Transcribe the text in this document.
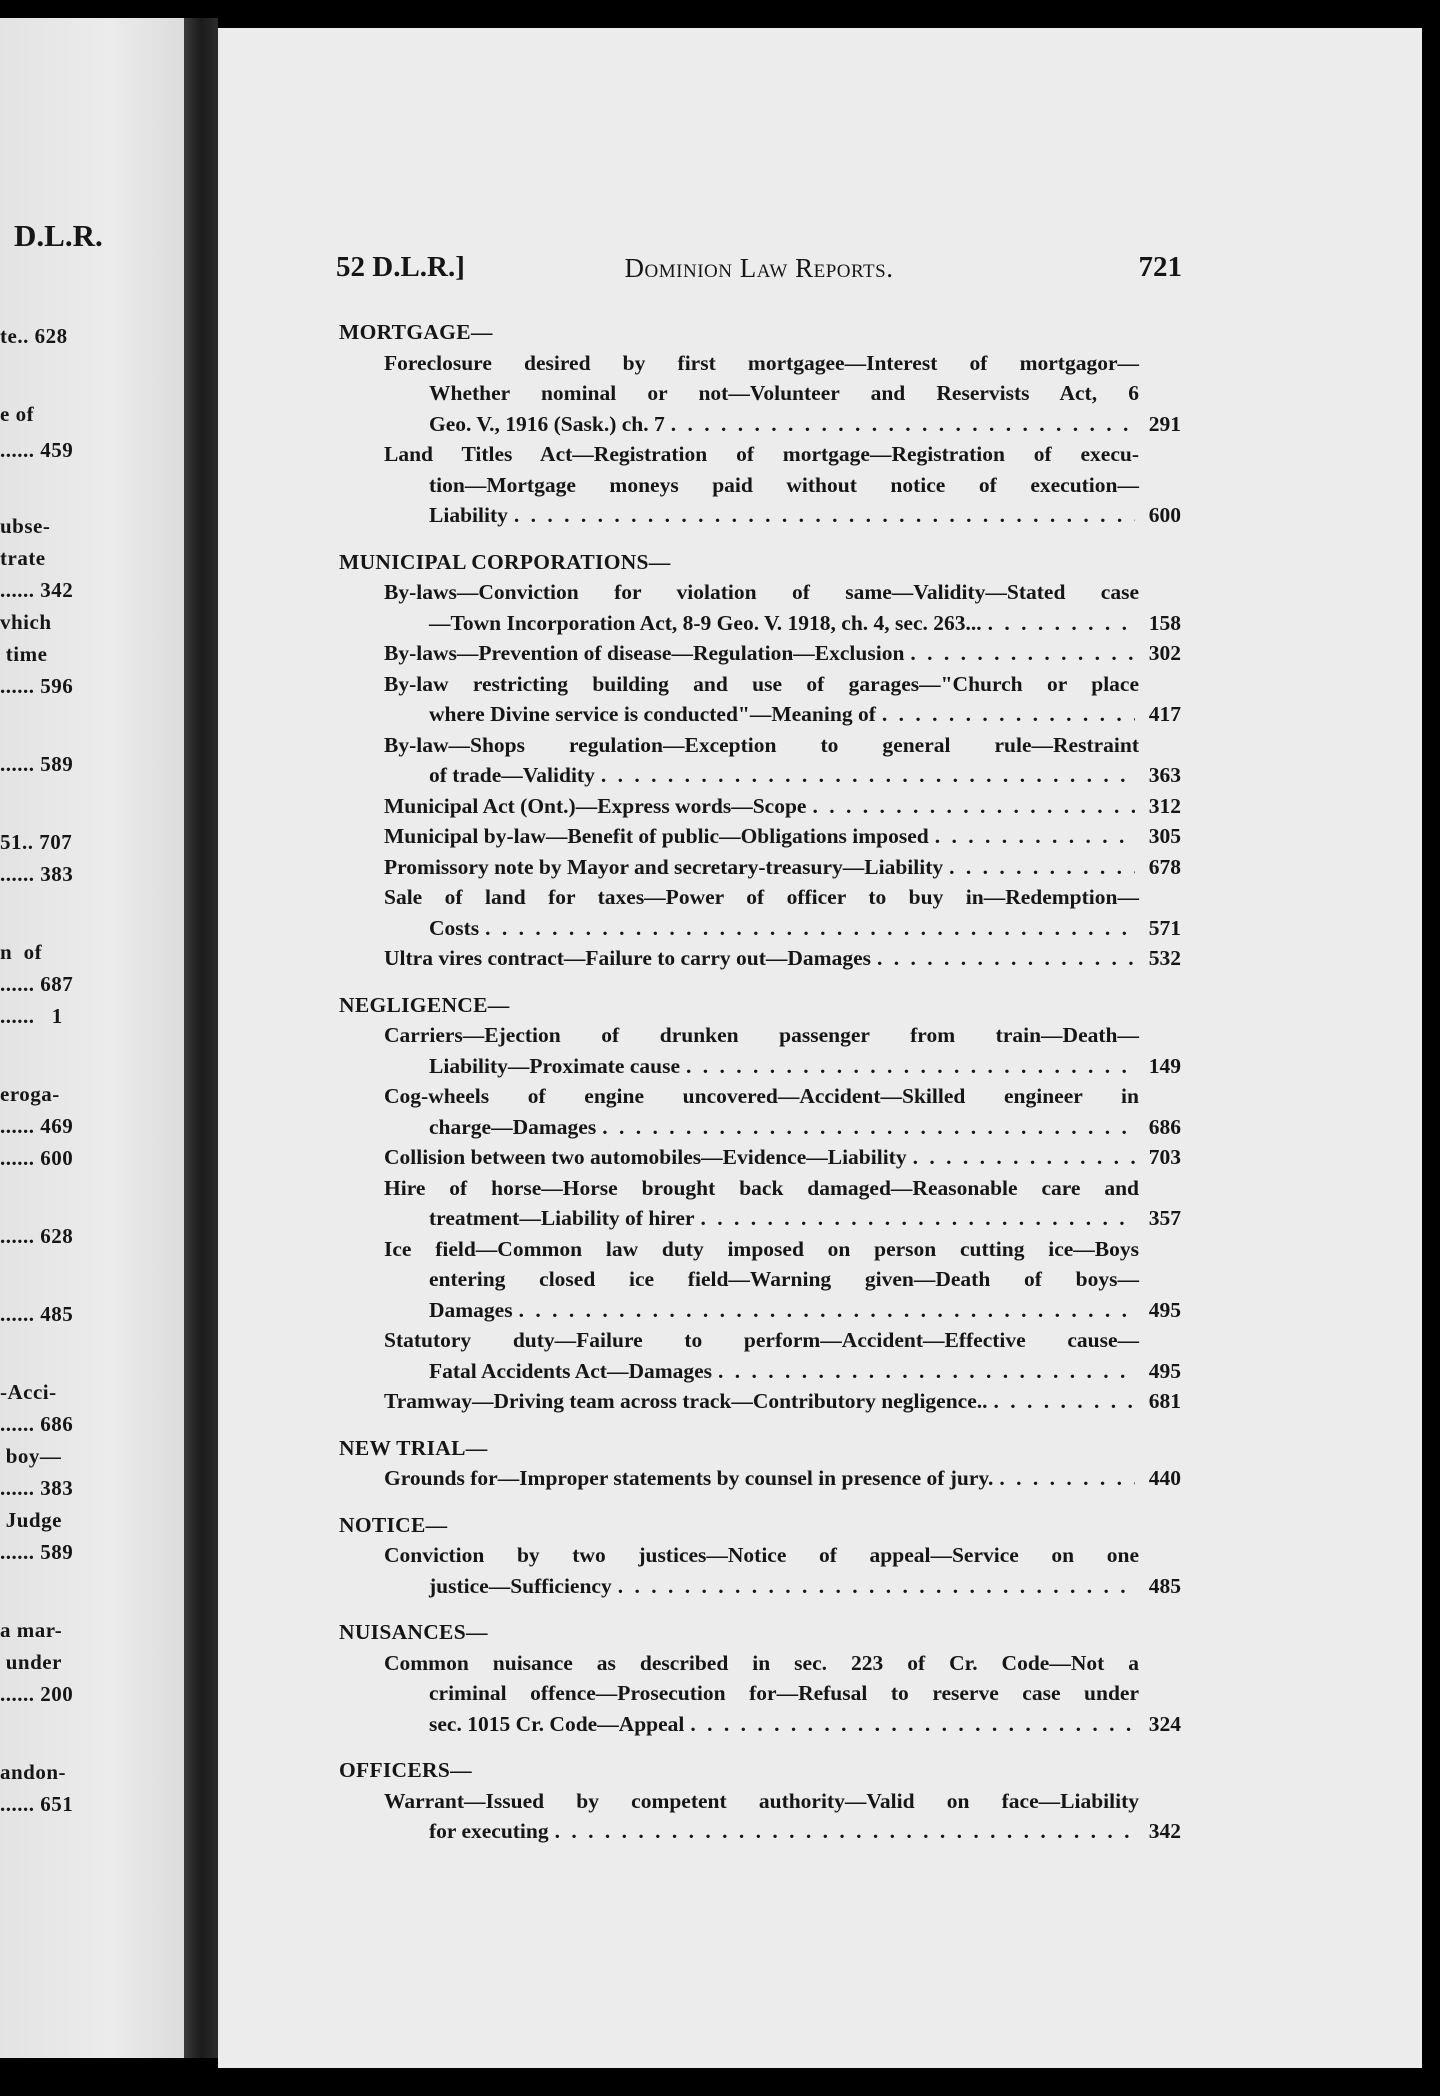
D.L.R.
te.. 628
e of
...... 459
ubse-
trate
...... 342
vhich
time
...... 596
...... 589
51.. 707
...... 383
n  of
...... 687
......   1
eroga-
...... 469
...... 600
...... 628
...... 485
-Acci-
...... 686
boy—
...... 383
Judge
...... 589
a mar-
under
...... 200
andon-
...... 651
52 D.L.R.]	Dominion Law Reports.	721
MORTGAGE—
Foreclosure desired by first mortgagee—Interest of mortgagor—
Whether nominal or not—Volunteer and Reservists Act, 6
Geo. V., 1916 (Sask.) ch. 7 . . .	291
Land Titles Act—Registration of mortgage—Registration of execu-
tion—Mortgage moneys paid without notice of execution—
Liability . . .	600
MUNICIPAL CORPORATIONS—
By-laws—Conviction for violation of same—Validity—Stated case
—Town Incorporation Act, 8-9 Geo. V. 1918, ch. 4, sec. 263... . . .	158
By-laws—Prevention of disease—Regulation—Exclusion . . .	302
By-law restricting building and use of garages—"Church or place
where Divine service is conducted"—Meaning of . . .	417
By-law—Shops regulation—Exception to general rule—Restraint
of trade—Validity . . .	363
Municipal Act (Ont.)—Express words—Scope . . .	312
Municipal by-law—Benefit of public—Obligations imposed . . .	305
Promissory note by Mayor and secretary-treasury—Liability . . .	678
Sale of land for taxes—Power of officer to buy in—Redemption—
Costs . . .	571
Ultra vires contract—Failure to carry out—Damages . . .	532
NEGLIGENCE—
Carriers—Ejection of drunken passenger from train—Death—
Liability—Proximate cause . . .	149
Cog-wheels of engine uncovered—Accident—Skilled engineer in
charge—Damages . . .	686
Collision between two automobiles—Evidence—Liability . . .	703
Hire of horse—Horse brought back damaged—Reasonable care and
treatment—Liability of hirer . . .	357
Ice field—Common law duty imposed on person cutting ice—Boys
entering closed ice field—Warning given—Death of boys—
Damages . . .	495
Statutory duty—Failure to perform—Accident—Effective cause—
Fatal Accidents Act—Damages . . .	495
Tramway—Driving team across track—Contributory negligence.. . . .	681
NEW TRIAL—
Grounds for—Improper statements by counsel in presence of jury. . . .	440
NOTICE—
Conviction by two justices—Notice of appeal—Service on one
justice—Sufficiency . . .	485
NUISANCES—
Common nuisance as described in sec. 223 of Cr. Code—Not a
criminal offence—Prosecution for—Refusal to reserve case under
sec. 1015 Cr. Code—Appeal . . .	324
OFFICERS—
Warrant—Issued by competent authority—Valid on face—Liability
for executing . . .	342
